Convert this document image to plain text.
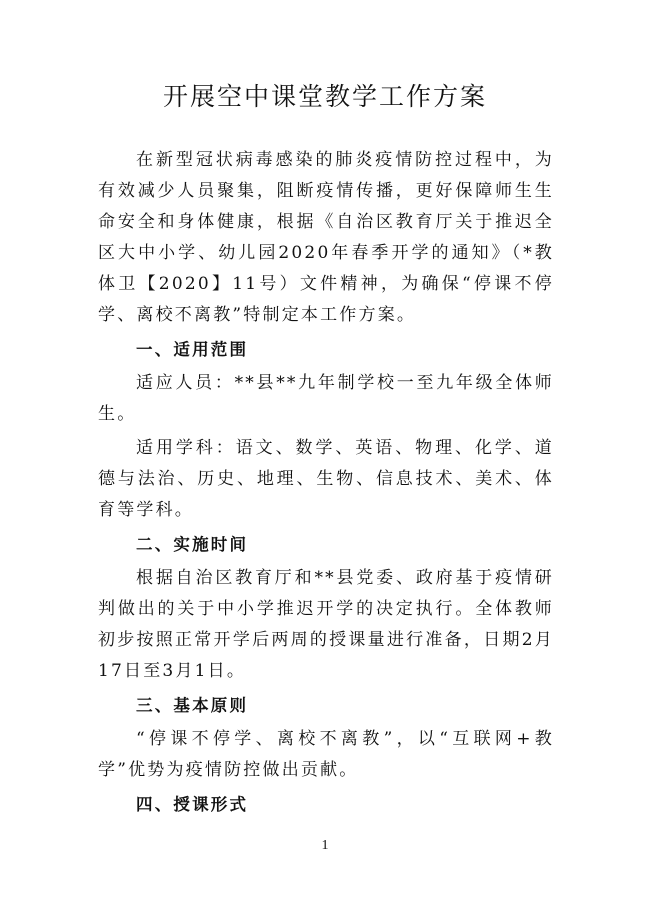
开展空中课堂教学工作方案

在新型冠状病毒感染的肺炎疫情防控过程中，为有效减少人员聚集，阻断疫情传播，更好保障师生生命安全和身体健康，根据《自治区教育厅关于推迟全区大中小学、幼儿园2020年春季开学的通知》（*教体卫【2020】11号）文件精神，为确保“停课不停学、离校不离教”特制定本工作方案。

一、适用范围

适应人员：**县**九年制学校一至九年级全体师生。

适用学科：语文、数学、英语、物理、化学、道德与法治、历史、地理、生物、信息技术、美术、体育等学科。

二、实施时间

根据自治区教育厅和**县党委、政府基于疫情研判做出的关于中小学推迟开学的决定执行。全体教师初步按照正常开学后两周的授课量进行准备，日期2月17日至3月1日。

三、基本原则

“停课不停学、离校不离教”，以“互联网+教学”优势为疫情防控做出贡献。

四、授课形式
1
